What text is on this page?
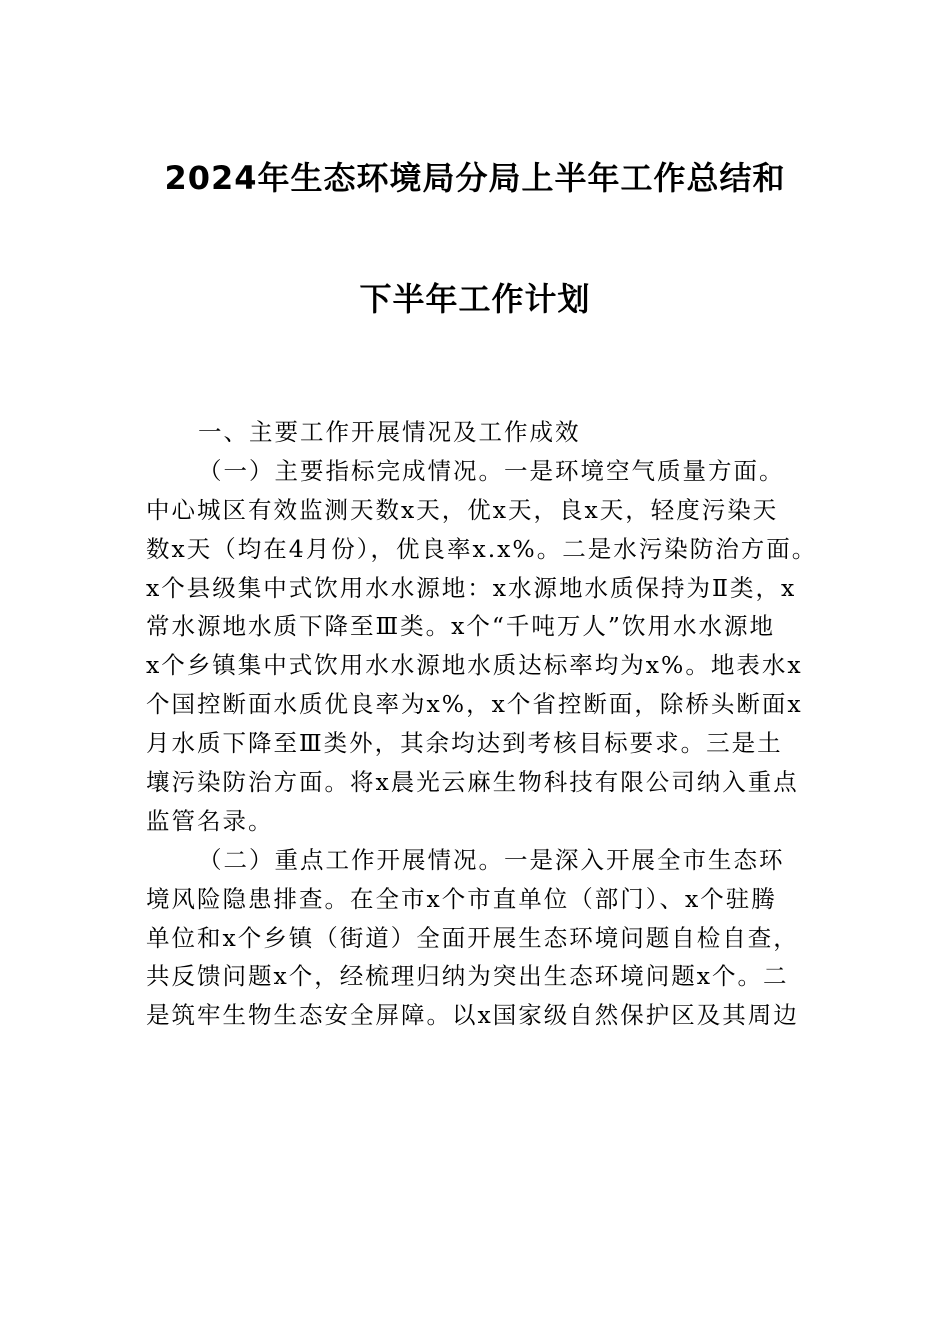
2024年生态环境局分局上半年工作总结和
下半年工作计划
一、主要工作开展情况及工作成效
（一）主要指标完成情况。一是环境空气质量方面。
中心城区有效监测天数x天，优x天，良x天，轻度污染天
数x天（均在4月份），优良率x.x%。二是水污染防治方面。
x个县级集中式饮用水水源地：x水源地水质保持为Ⅱ类，x
常水源地水质下降至Ⅲ类。x个“千吨万人”饮用水水源地
x个乡镇集中式饮用水水源地水质达标率均为x%。地表水x
个国控断面水质优良率为x%，x个省控断面，除桥头断面x
月水质下降至Ⅲ类外，其余均达到考核目标要求。三是土
壤污染防治方面。将x晨光云麻生物科技有限公司纳入重点
监管名录。
（二）重点工作开展情况。一是深入开展全市生态环
境风险隐患排查。在全市x个市直单位（部门）、x个驻腾
单位和x个乡镇（街道）全面开展生态环境问题自检自查，
共反馈问题x个，经梳理归纳为突出生态环境问题x个。二
是筑牢生物生态安全屏障。以x国家级自然保护区及其周边
